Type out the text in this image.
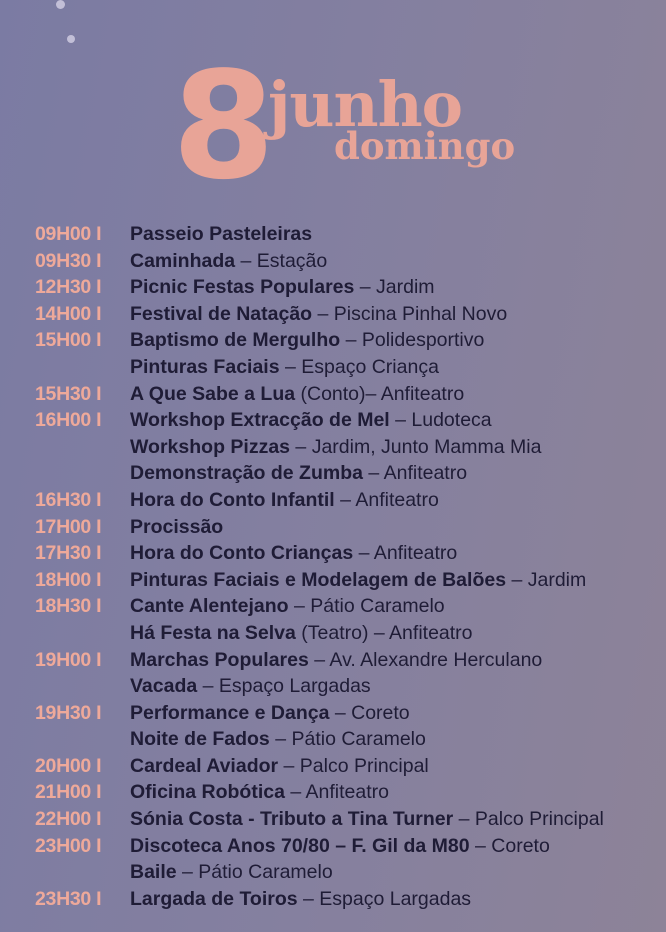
8
junho
domingo
09H00 I	Passeio Pasteleiras
09H30 I	Caminhada – Estação
12H30 I	Picnic Festas Populares – Jardim
14H00 I	Festival de Natação – Piscina Pinhal Novo
15H00 I	Baptismo de Mergulho – Polidesportivo
Pinturas Faciais – Espaço Criança
15H30 I	A Que Sabe a Lua (Conto)– Anfiteatro
16H00 I	Workshop Extracção de Mel – Ludoteca
Workshop Pizzas – Jardim, Junto Mamma Mia
Demonstração de Zumba – Anfiteatro
16H30 I	Hora do Conto Infantil – Anfiteatro
17H00 I	Procissão
17H30 I	Hora do Conto Crianças – Anfiteatro
18H00 I	Pinturas Faciais e Modelagem de Balões – Jardim
18H30 I	Cante Alentejano – Pátio Caramelo
Há Festa na Selva (Teatro) – Anfiteatro
19H00 I	Marchas Populares – Av. Alexandre Herculano
Vacada – Espaço Largadas
19H30 I	Performance e Dança – Coreto
Noite de Fados – Pátio Caramelo
20H00 I	Cardeal Aviador – Palco Principal
21H00 I	Oficina Robótica – Anfiteatro
22H00 I	Sónia Costa - Tributo a Tina Turner – Palco Principal
23H00 I	Discoteca Anos 70/80 – F. Gil da M80 – Coreto
Baile – Pátio Caramelo
23H30 I	Largada de Toiros – Espaço Largadas
